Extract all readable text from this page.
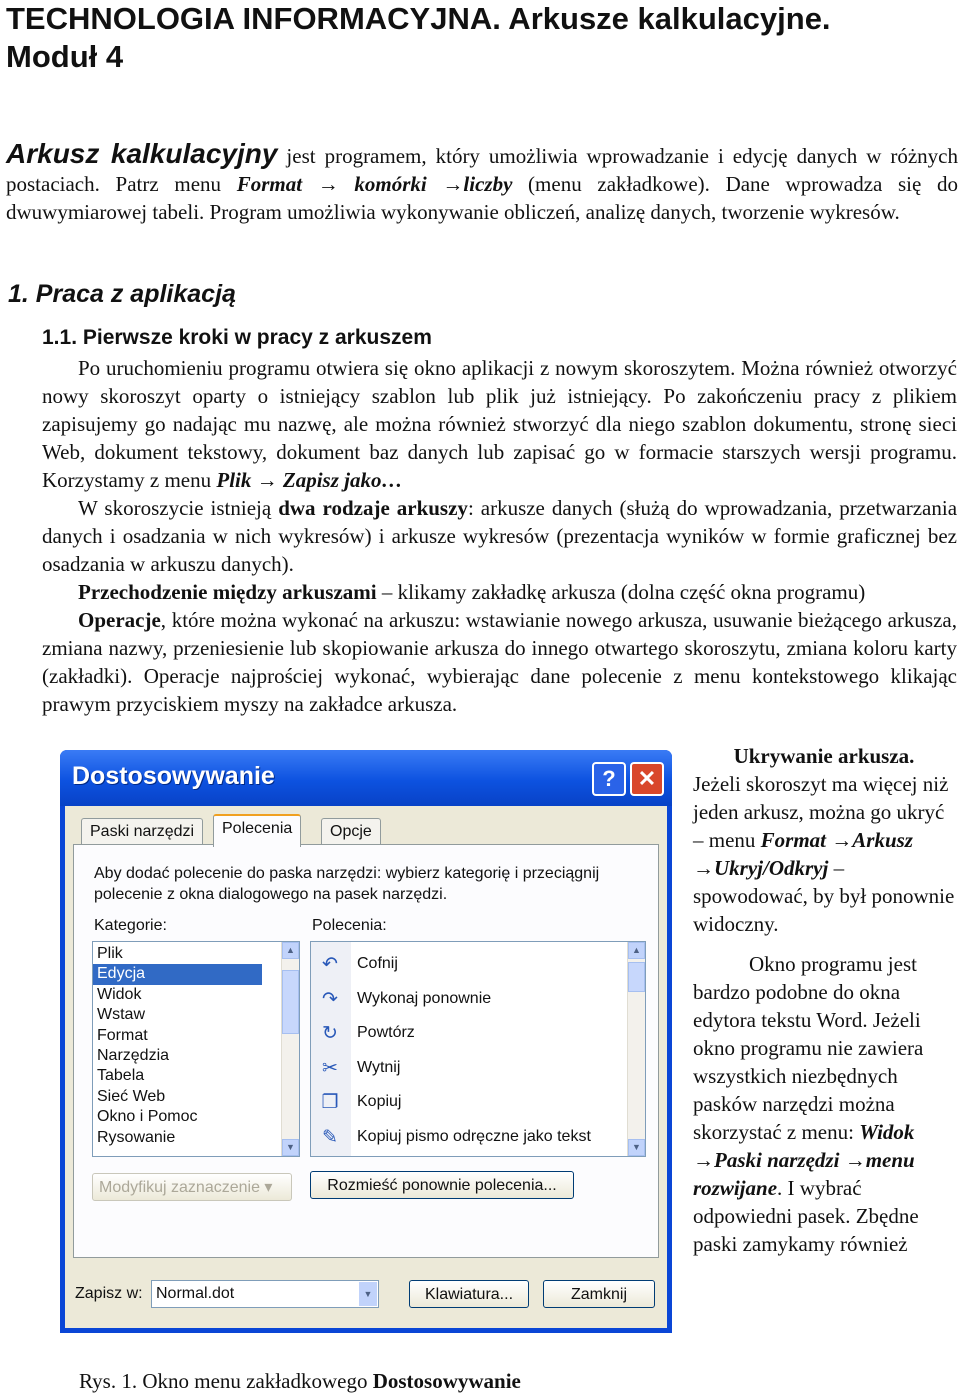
TECHNOLOGIA INFORMACYJNA. Arkusze kalkulacyjne.
Moduł 4
Arkusz kalkulacyjny jest programem, który umożliwia wprowadzanie i edycję danych w różnych postaciach. Patrz menu Format → komórki →liczby (menu zakładkowe). Dane wprowadza się do dwuwymiarowej tabeli. Program umożliwia wykonywanie obliczeń, analizę danych, tworzenie wykresów.
1. Praca z aplikacją
1.1. Pierwsze kroki w pracy z arkuszem

Po uruchomieniu programu otwiera się okno aplikacji z nowym skoroszytem. Można również otworzyć nowy skoroszyt oparty o istniejący szablon lub plik już istniejący. Po zakończeniu pracy z plikiem zapisujemy go nadając mu nazwę, ale można również stworzyć dla niego szablon dokumentu, stronę sieci Web, dokument tekstowy, dokument baz danych lub zapisać go w formacie starszych wersji programu. Korzystamy z menu Plik → Zapisz jako…

W skoroszycie istnieją dwa rodzaje arkuszy: arkusze danych (służą do wprowadzania, przetwarzania danych i osadzania w nich wykresów) i arkusze wykresów (prezentacja wyników w formie graficznej bez osadzania w arkuszu danych).

Przechodzenie między arkuszami – klikamy zakładkę arkusza (dolna część okna programu)

Operacje, które można wykonać na arkuszu: wstawianie nowego arkusza, usuwanie bieżącego arkusza, zmiana nazwy, przeniesienie lub skopiowanie arkusza do innego otwartego skoroszytu, zmiana koloru karty (zakładki). Operacje najprościej wykonać, wybierając dane polecenie z menu kontekstowego klikając prawym przyciskiem myszy na zakładce arkusza.

Ukrywanie arkusza.

Jeżeli skoroszyt ma więcej niż jeden arkusz, można go ukryć – menu Format →Arkusz →Ukryj/Odkryj – spowodować, by był ponownie widoczny.

Okno programu jest bardzo podobne do okna edytora tekstu Word. Jeżeli okno programu nie zawiera wszystkich niezbędnych pasków narzędzi można skorzystać z menu: Widok →Paski narzędzi →menu rozwijane. I wybrać odpowiedni pasek. Zbędne paski zamykamy również

Dostosowywanie	?	✕
Paski narzędzi	Polecenia	Opcje
Aby dodać polecenie do paska narzędzi: wybierz kategorię i przeciągnij polecenie z okna dialogowego na pasek narzędzi.
Kategorie:	Polecenia:
Plik
Edycja
Widok
Wstaw
Format
Narzędzia
Tabela
Sieć Web
Okno i Pomoc
Rysowanie
▲
▼
↶ Cofnij
↷ Wykonaj ponownie
↻ Powtórz
✂ Wytnij
❐ Kopiuj
✎ Kopiuj pismo odręczne jako tekst
▲
▼
Modyfikuj zaznaczenie ▾	Rozmieść ponownie polecenia...
Zapisz w: Normal.dot	▼	Klawiatura...	Zamknij
Rys. 1. Okno menu zakładkowego Dostosowywanie
